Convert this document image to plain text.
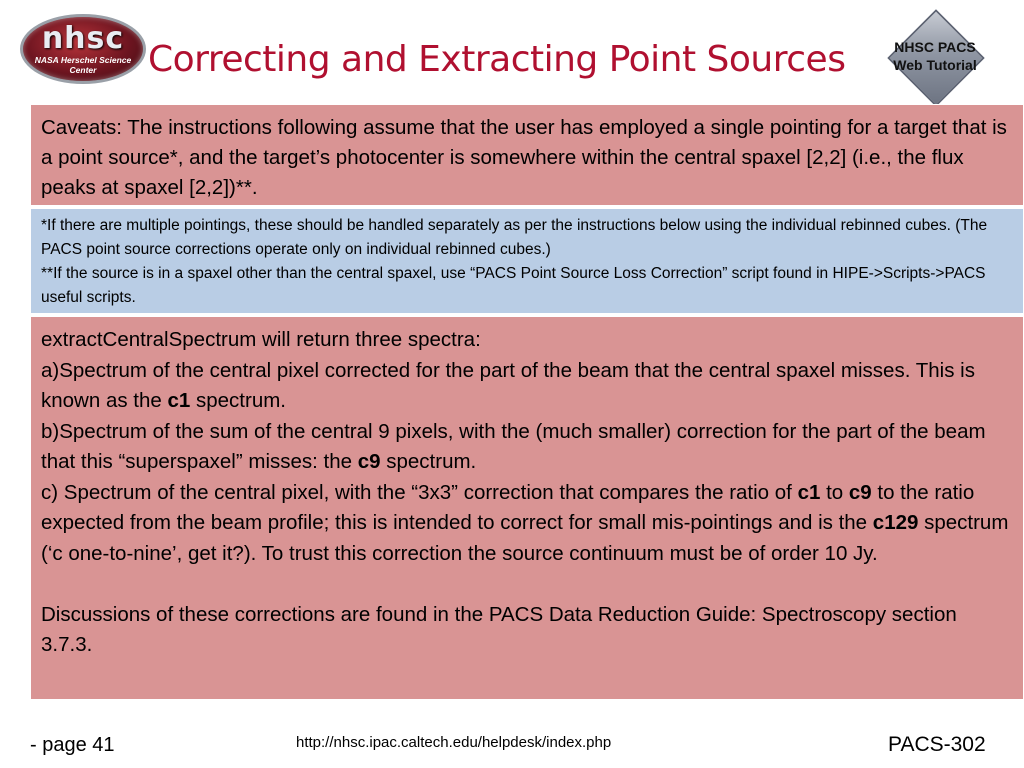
nhsc
NASA Herschel Science
Center	Correcting and Extracting Point Sources	NHSC PACS
Web Tutorial

Caveats: The instructions following assume that the user has employed a single pointing for a target that is a point source*, and the target’s photocenter is somewhere within the central spaxel [2,2] (i.e., the flux peaks at spaxel [2,2])**.

*If there are multiple pointings, these should be handled separately as per the instructions below using the individual rebinned cubes. (The PACS point source corrections operate only on individual rebinned cubes.)

**If the source is in a spaxel other than the central spaxel, use “PACS Point Source Loss Correction” script found in HIPE->Scripts->PACS useful scripts.

extractCentralSpectrum will return three spectra:

a)Spectrum of the central pixel corrected for the part of the beam that the central spaxel misses. This is known as the c1 spectrum.

b)Spectrum of the sum of the central 9 pixels, with the (much smaller) correction for the part of the beam that this “superspaxel” misses: the c9 spectrum.

c) Spectrum of the central pixel, with the “3x3” correction that compares the ratio of c1 to c9 to the ratio expected from the beam profile; this is intended to correct for small mis-pointings and is the c129 spectrum (‘c one-to-nine’, get it?). To trust this correction the source continuum must be of order 10 Jy.

Discussions of these corrections are found in the PACS Data Reduction Guide: Spectroscopy section 3.7.3.

- page 41	http://nhsc.ipac.caltech.edu/helpdesk/index.php	PACS-302
